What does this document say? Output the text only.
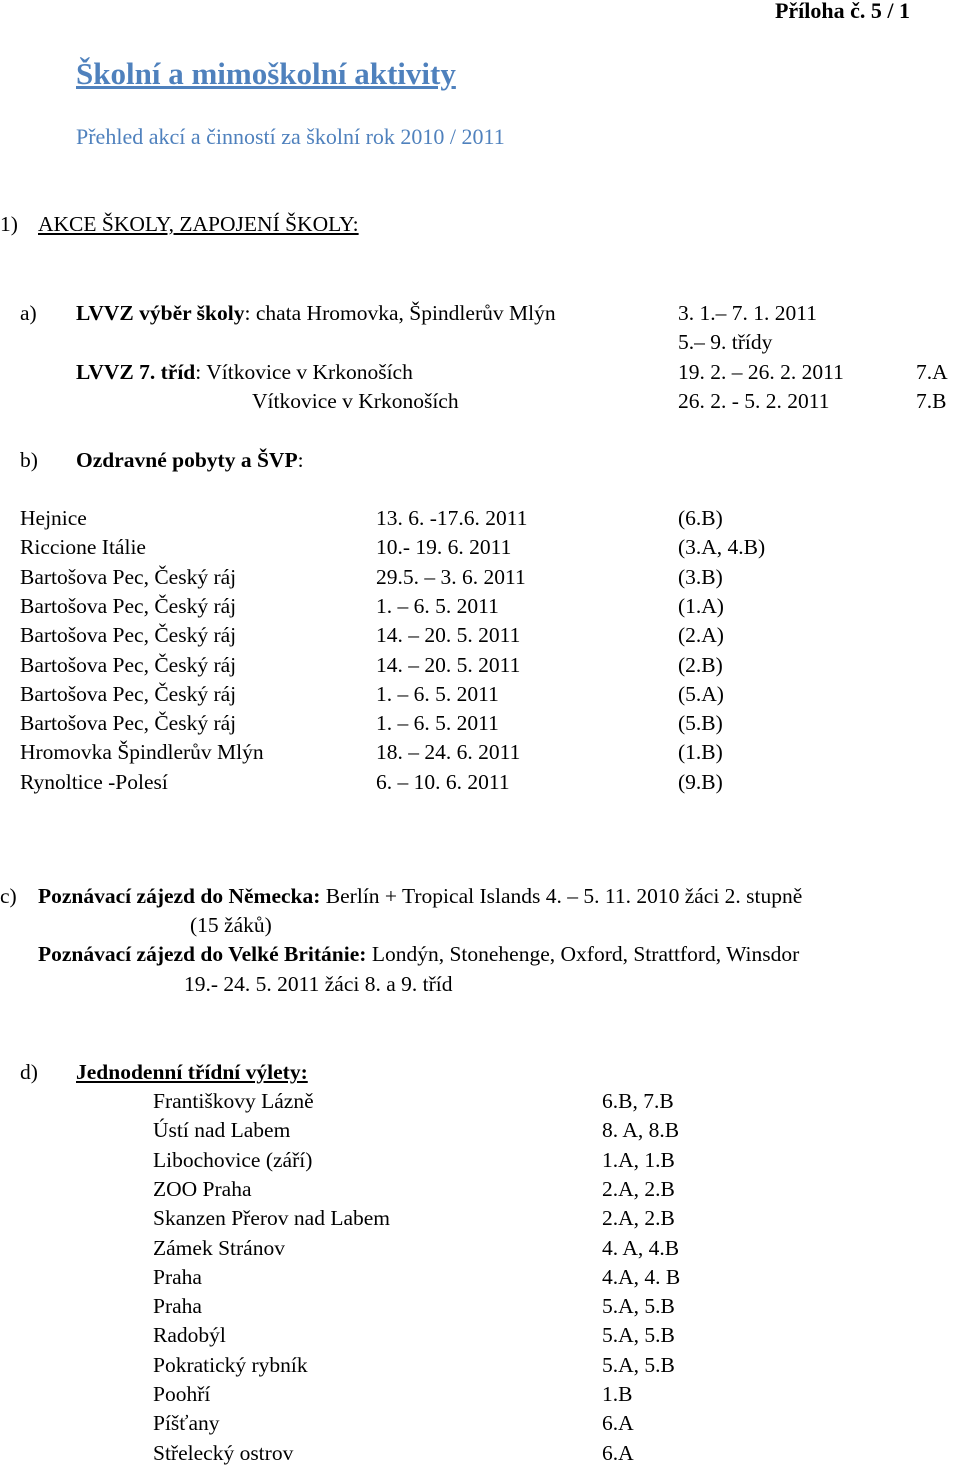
Příloha č. 5 / 1
Školní a mimoškolní aktivity
Přehled akcí a činností za školní rok 2010 / 2011
1) AKCE ŠKOLY, ZAPOJENÍ ŠKOLY:
a) LVVZ výběr školy: chata Hromovka, Špindlerův Mlýn	3. 1.– 7. 1. 2011
5.– 9. třídy
LVVZ 7. tříd: Vítkovice v Krkonoších	19. 2. – 26. 2. 2011	7.A
Vítkovice v Krkonoších	26. 2. - 5. 2. 2011	7.B
b) Ozdravné pobyty a ŠVP:
Hejnice	13. 6. -17.6. 2011	(6.B)
Riccione Itálie	10.- 19. 6. 2011	(3.A, 4.B)
Bartošova Pec, Český ráj	29.5. – 3. 6. 2011	(3.B)
Bartošova Pec, Český ráj	1. – 6. 5. 2011	(1.A)
Bartošova Pec, Český ráj	14. – 20. 5. 2011	(2.A)
Bartošova Pec, Český ráj	14. – 20. 5. 2011	(2.B)
Bartošova Pec, Český ráj	1. – 6. 5. 2011	(5.A)
Bartošova Pec, Český ráj	1. – 6. 5. 2011	(5.B)
Hromovka Špindlerův Mlýn	18. – 24. 6. 2011	(1.B)
Rynoltice -Polesí	6. – 10. 6. 2011	(9.B)
c) Poznávací zájezd do Německa: Berlín + Tropical Islands 4. – 5. 11. 2010 žáci 2. stupně
(15 žáků)
Poznávací zájezd do Velké Británie: Londýn, Stonehenge, Oxford, Strattford, Winsdor
19.- 24. 5. 2011 žáci 8. a 9. tříd
d) Jednodenní třídní výlety:
Františkovy Lázně	6.B, 7.B
Ústí nad Labem	8. A, 8.B
Libochovice (září)	1.A, 1.B
ZOO Praha	2.A, 2.B
Skanzen Přerov nad Labem	2.A, 2.B
Zámek Stránov	4. A, 4.B
Praha	4.A, 4. B
Praha	5.A, 5.B
Radobýl	5.A, 5.B
Pokratický rybník	5.A, 5.B
Poohří	1.B
Píšťany	6.A
Střelecký ostrov	6.A
